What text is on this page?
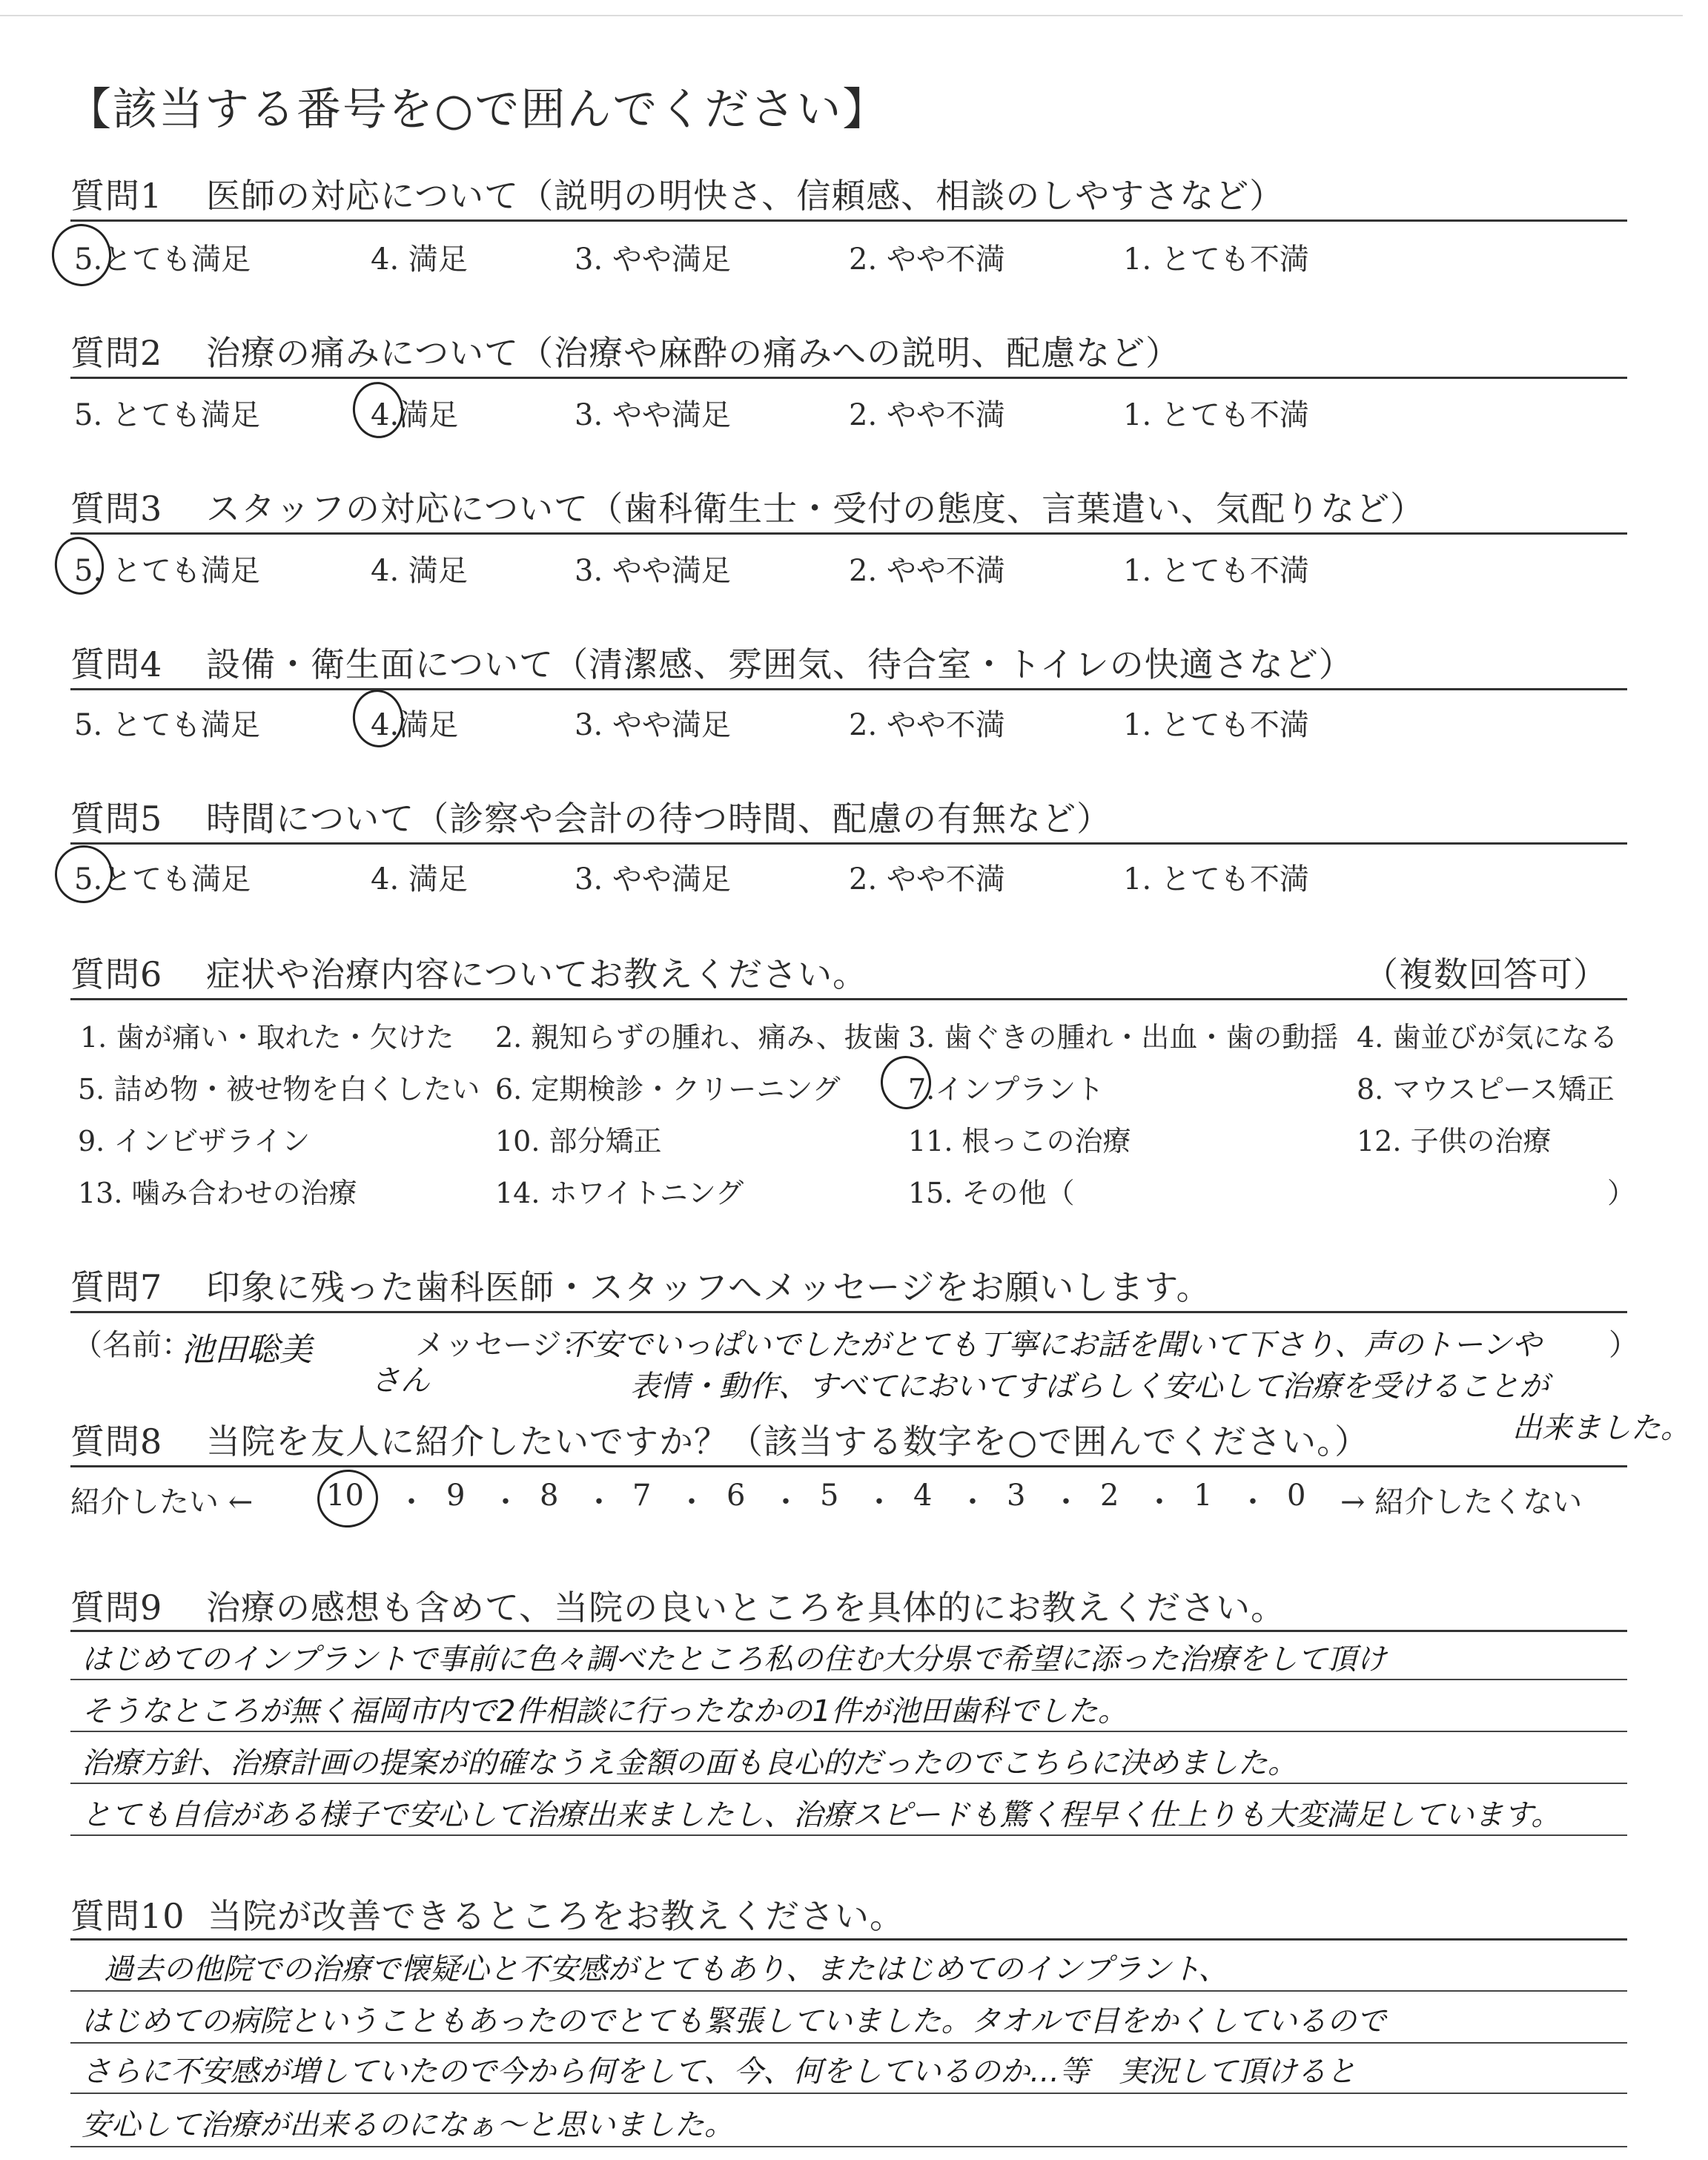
【該当する番号を○で囲んでください】
質問1 医師の対応について（説明の明快さ、信頼感、相談のしやすさなど）
5.とても満足	4. 満足	3. やや満足	2. やや不満	1. とても不満
質問2 治療の痛みについて（治療や麻酔の痛みへの説明、配慮など）
5. とても満足	4.満足	3. やや満足	2. やや不満	1. とても不満
質問3 スタッフの対応について（歯科衛生士・受付の態度、言葉遣い、気配りなど）
5. とても満足	4. 満足	3. やや満足	2. やや不満	1. とても不満
質問4 設備・衛生面について（清潔感、雰囲気、待合室・トイレの快適さなど）
5. とても満足	4.満足	3. やや満足	2. やや不満	1. とても不満
質問5 時間について（診察や会計の待つ時間、配慮の有無など）
5.とても満足	4. 満足	3. やや満足	2. やや不満	1. とても不満
質問6 症状や治療内容についてお教えください。	（複数回答可）
1. 歯が痛い・取れた・欠けた 2. 親知らずの腫れ、痛み、抜歯 3. 歯ぐきの腫れ・出血・歯の動揺 4. 歯並びが気になる
5. 詰め物・被せ物を白くしたい 6. 定期検診・クリーニング 7.インプラント	8. マウスピース矯正
9. インビザライン	10. 部分矯正	11. 根っこの治療	12. 子供の治療
13. 噛み合わせの治療	14. ホワイトニング	15. その他（	）
質問7 印象に残った歯科医師・スタッフへメッセージをお願いします。
（名前：
池田聡美
さん
メッセージ：
不安でいっぱいでしたがとても丁寧にお話を聞いて下さり、声のトーンや ）
表情・動作、すべてにおいてすばらしく安心して治療を受けることが
出来ました。
質問8 当院を友人に紹介したいですか？（該当する数字を○で囲んでください。）
紹介したい ← 10 ・ 9 ・ 8 ・ 7 ・ 6 ・ 5 ・ 4 ・ 3 ・ 2 ・ 1 ・ 0 → 紹介したくない
質問9 治療の感想も含めて、当院の良いところを具体的にお教えください。
はじめてのインプラントで事前に色々調べたところ私の住む大分県で希望に添った治療をして頂け
そうなところが無く福岡市内で2件相談に行ったなかの1件が池田歯科でした。
治療方針、治療計画の提案が的確なうえ金額の面も良心的だったのでこちらに決めました。
とても自信がある様子で安心して治療出来ましたし、治療スピードも驚く程早く仕上りも大変満足しています。
質問10 当院が改善できるところをお教えください。
過去の他院での治療で懐疑心と不安感がとてもあり、またはじめてのインプラント、
はじめての病院ということもあったのでとても緊張していました。タオルで目をかくしているので
さらに不安感が増していたので今から何をして、今、何をしているのか…等　実況して頂けると
安心して治療が出来るのになぁ〜と思いました。
